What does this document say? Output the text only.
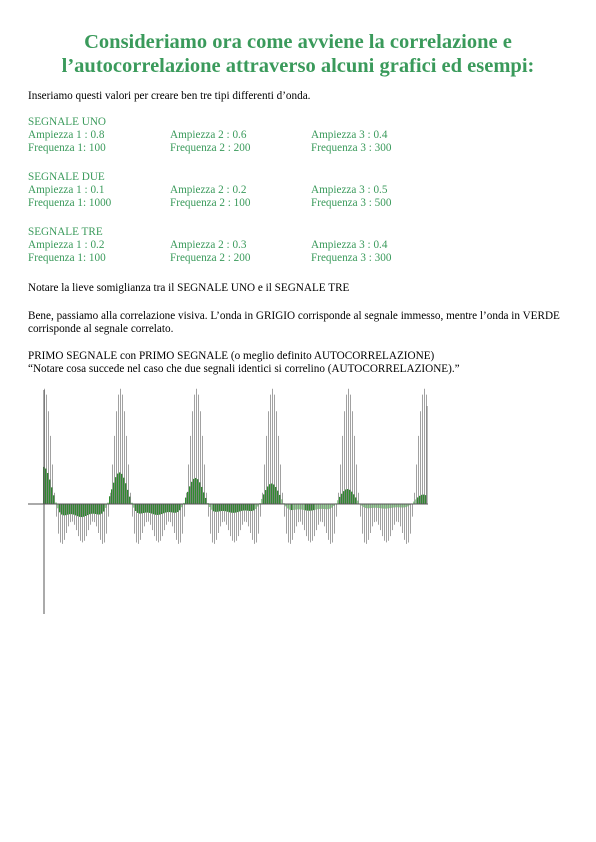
Consideriamo ora come avviene la correlazione e
l’autocorrelazione attraverso alcuni grafici ed esempi:

Inseriamo questi valori per creare ben tre tipi differenti d’onda.

SEGNALE UNO
Ampiezza 1 : 0.8	Ampiezza 2 : 0.6	Ampiezza 3 : 0.4
Frequenza 1: 100	Frequenza 2 : 200	Frequenza 3 : 300
SEGNALE DUE
Ampiezza 1 : 0.1	Ampiezza 2 : 0.2	Ampiezza 3 : 0.5
Frequenza 1: 1000	Frequenza 2 : 100	Frequenza 3 : 500
SEGNALE TRE
Ampiezza 1 : 0.2	Ampiezza 2 : 0.3	Ampiezza 3 : 0.4
Frequenza 1: 100	Frequenza 2 : 200	Frequenza 3 : 300

Notare la lieve somiglianza tra il SEGNALE UNO e il SEGNALE TRE

Bene, passiamo alla correlazione visiva. L’onda in GRIGIO corrisponde al segnale immesso, mentre l’onda in VERDE corrisponde al segnale correlato.

PRIMO SEGNALE con PRIMO SEGNALE (o meglio definito AUTOCORRELAZIONE)
“Notare cosa succede nel caso che due segnali identici si correlino (AUTOCORRELAZIONE).”
